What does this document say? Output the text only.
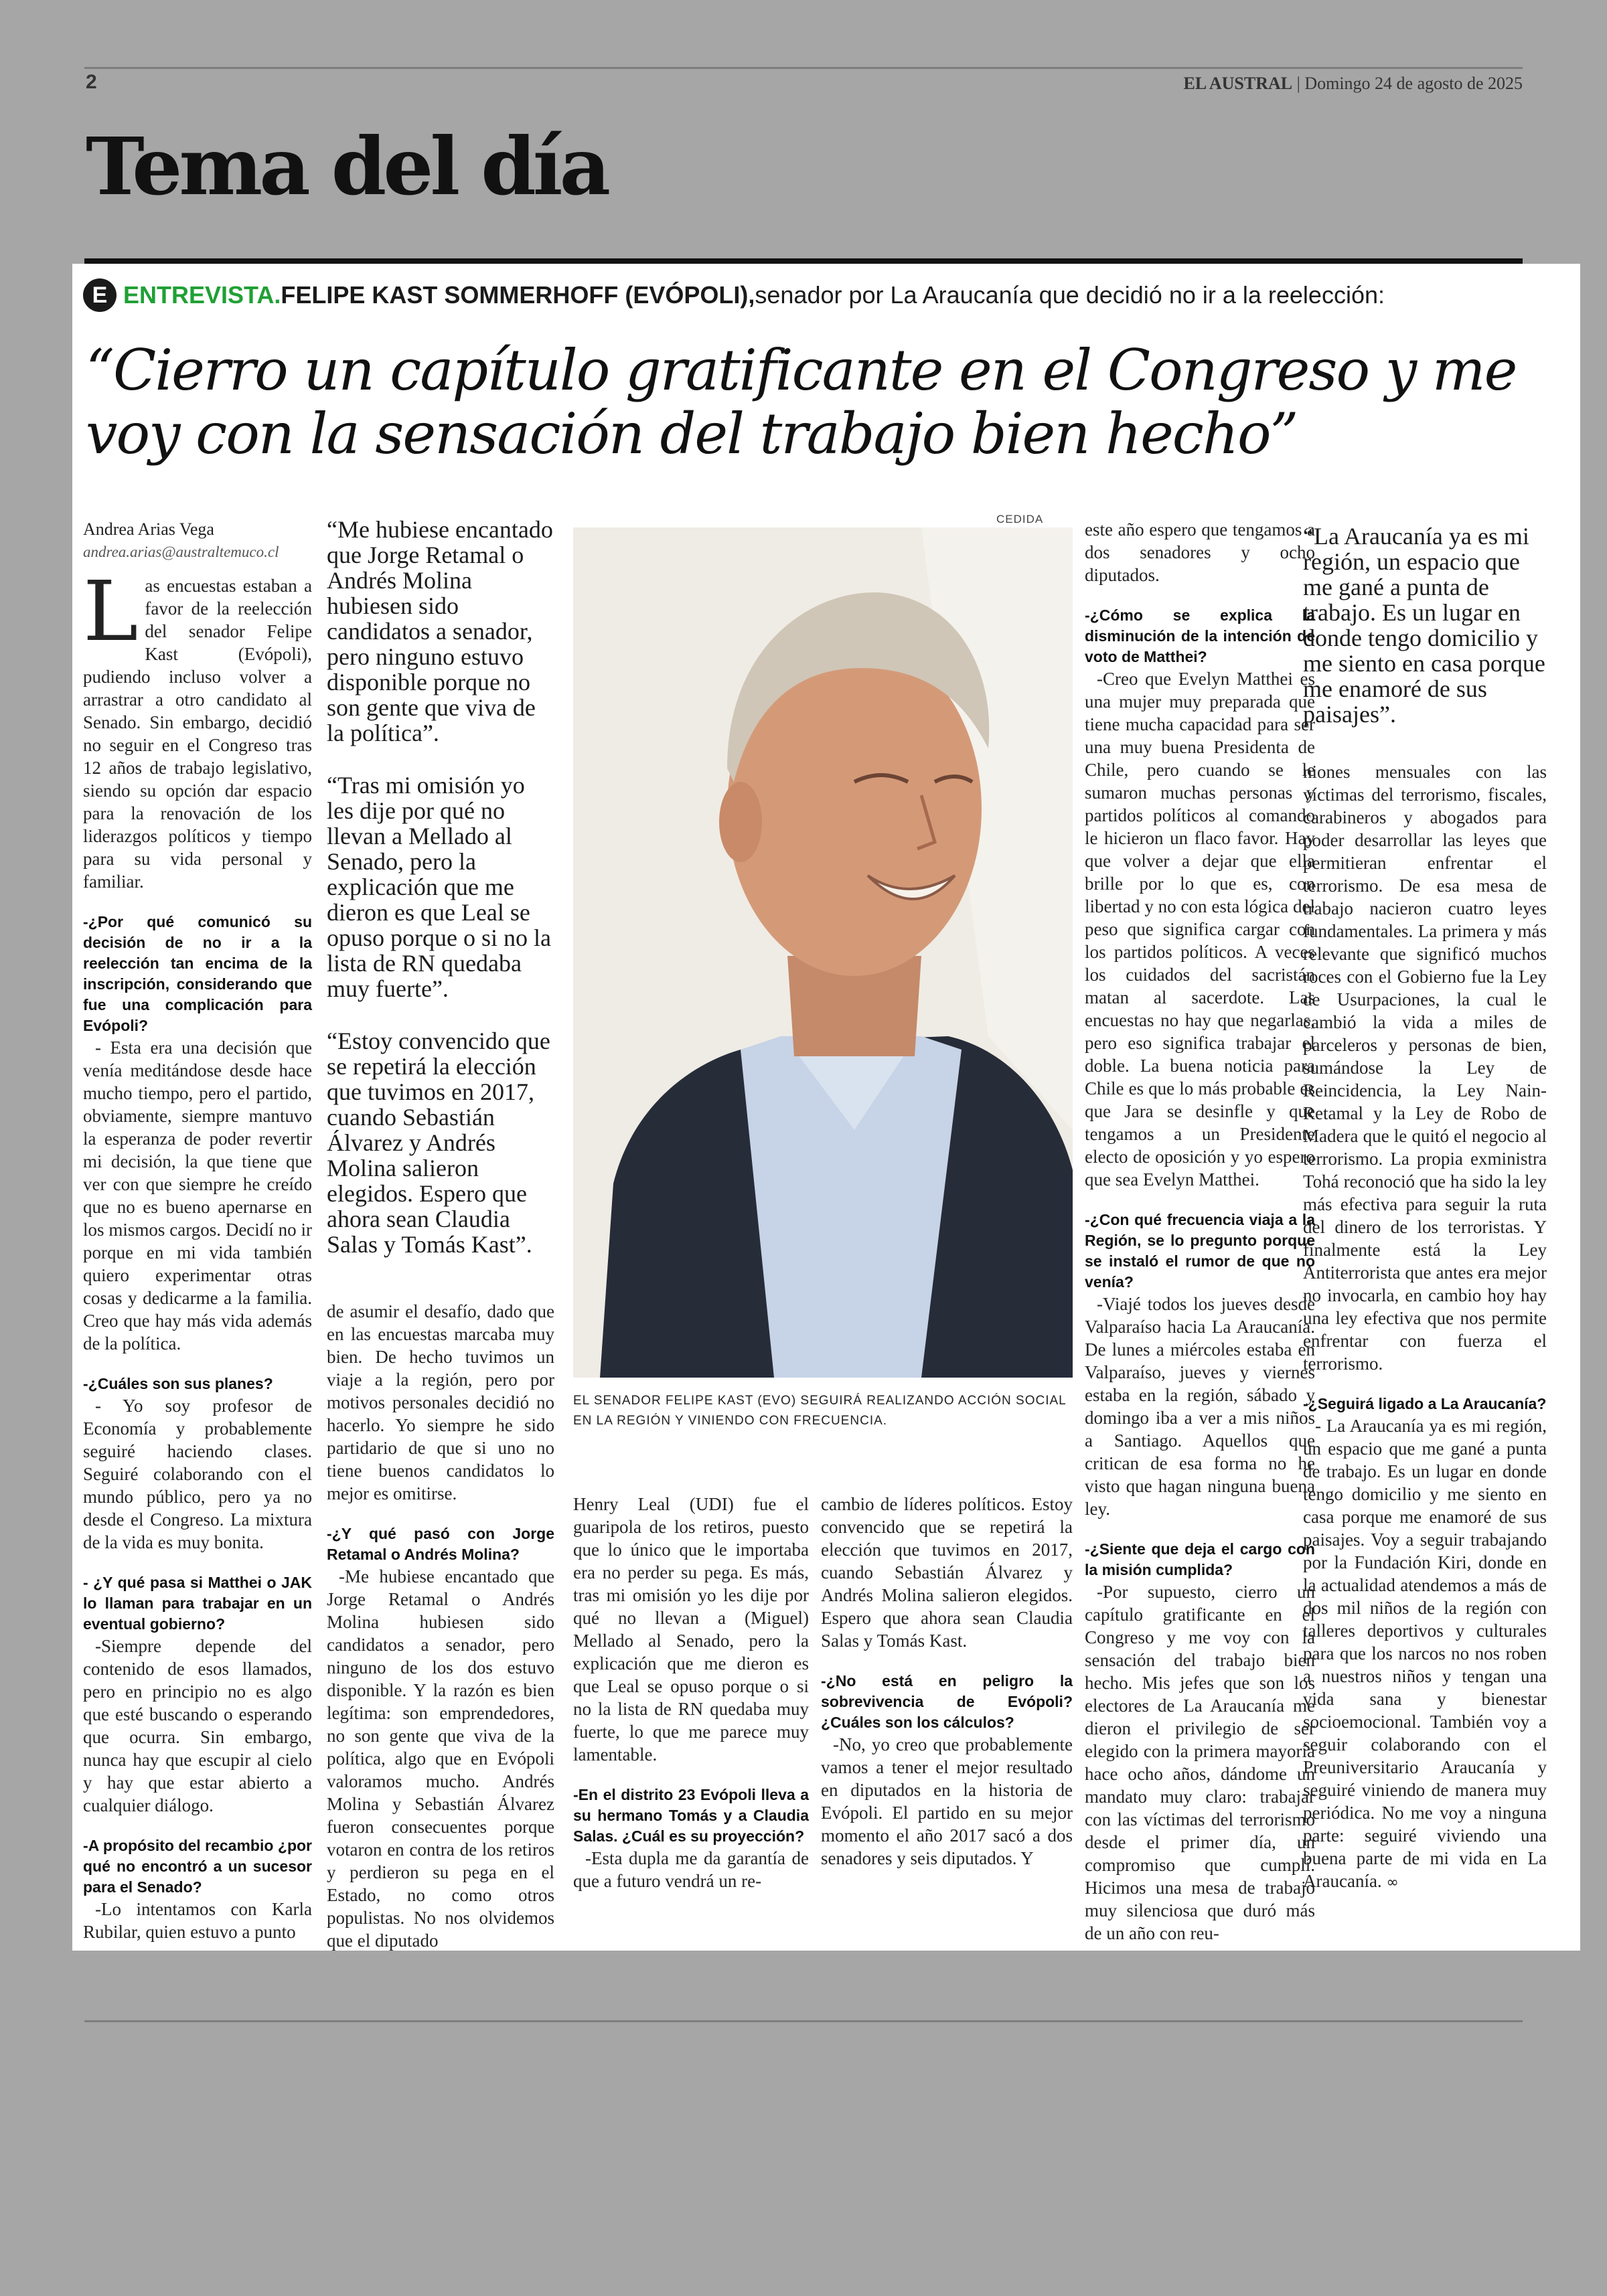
2	EL AUSTRAL | Domingo 24 de agosto de 2025
Tema del día
E ENTREVISTA. FELIPE KAST SOMMERHOFF (EVÓPOLI), senador por La Araucanía que decidió no ir a la reelección:
“Cierro un capítulo gratificante en el Congreso y me voy con la sensación del trabajo bien hecho”
Andrea Arias Vega
andrea.arias@australtemuco.cl

Las encuestas estaban a favor de la reelección del senador Felipe Kast (Evópoli), pudiendo incluso volver a arrastrar a otro candidato al Senado. Sin embargo, decidió no seguir en el Congreso tras 12 años de trabajo legislativo, siendo su opción dar espacio para la renovación de los liderazgos políticos y tiempo para su vida personal y familiar.

-¿Por qué comunicó su decisión de no ir a la reelección tan encima de la inscripción, considerando que fue una complicación para Evópoli?

- Esta era una decisión que venía meditándose desde hace mucho tiempo, pero el partido, obviamente, siempre mantuvo la esperanza de poder revertir mi decisión, la que tiene que ver con que siempre he creído que no es bueno apernarse en los mismos cargos. Decidí no ir porque en mi vida también quiero experimentar otras cosas y dedicarme a la familia. Creo que hay más vida además de la política.

-¿Cuáles son sus planes?

- Yo soy profesor de Economía y probablemente seguiré haciendo clases. Seguiré colaborando con el mundo público, pero ya no desde el Congreso. La mixtura de la vida es muy bonita.

- ¿Y qué pasa si Matthei o JAK lo llaman para trabajar en un eventual gobierno?

-Siempre depende del contenido de esos llamados, pero en principio no es algo que esté buscando o esperando que ocurra. Sin embargo, nunca hay que escupir al cielo y hay que estar abierto a cualquier diálogo.

-A propósito del recambio ¿por qué no encontró a un sucesor para el Senado?

-Lo intentamos con Karla Rubilar, quien estuvo a punto

“Me hubiese encantado que Jorge Retamal o Andrés Molina hubiesen sido candidatos a senador, pero ninguno estuvo disponible porque no son gente que viva de la política”.

“Tras mi omisión yo les dije por qué no llevan a Mellado al Senado, pero la explicación que me dieron es que Leal se opuso porque o si no la lista de RN quedaba muy fuerte”.

“Estoy convencido que se repetirá la elección que tuvimos en 2017, cuando Sebastián Álvarez y Andrés Molina salieron elegidos. Espero que ahora sean Claudia Salas y Tomás Kast”.

de asumir el desafío, dado que en las encuestas marcaba muy bien. De hecho tuvimos un viaje a la región, pero por motivos personales decidió no hacerlo. Yo siempre he sido partidario de que si uno no tiene buenos candidatos lo mejor es omitirse.

-¿Y qué pasó con Jorge Retamal o Andrés Molina?

-Me hubiese encantado que Jorge Retamal o Andrés Molina hubiesen sido candidatos a senador, pero ninguno de los dos estuvo disponible. Y la razón es bien legítima: son emprendedores, no son gente que viva de la política, algo que en Evópoli valoramos mucho. Andrés Molina y Sebastián Álvarez fueron consecuentes porque votaron en contra de los retiros y perdieron su pega en el Estado, no como otros populistas. No nos olvidemos que el diputado

CEDIDA
EL SENADOR FELIPE KAST (EVO) SEGUIRÁ REALIZANDO ACCIÓN SOCIAL EN LA REGIÓN Y VINIENDO CON FRECUENCIA.

Henry Leal (UDI) fue el guaripola de los retiros, puesto que lo único que le importaba era no perder su pega. Es más, tras mi omisión yo les dije por qué no llevan a (Miguel) Mellado al Senado, pero la explicación que me dieron es que Leal se opuso porque o si no la lista de RN quedaba muy fuerte, lo que me parece muy lamentable.

-En el distrito 23 Evópoli lleva a su hermano Tomás y a Claudia Salas. ¿Cuál es su proyección?

-Esta dupla me da garantía de que a futuro vendrá un re-

cambio de líderes políticos. Estoy convencido que se repetirá la elección que tuvimos en 2017, cuando Sebastián Álvarez y Andrés Molina salieron elegidos. Espero que ahora sean Claudia Salas y Tomás Kast.

-¿No está en peligro la sobrevivencia de Evópoli? ¿Cuáles son los cálculos?

-No, yo creo que probablemente vamos a tener el mejor resultado en diputados en la historia de Evópoli. El partido en su mejor momento el año 2017 sacó a dos senadores y seis diputados. Y

este año espero que tengamos a dos senadores y ocho diputados.

-¿Cómo se explica la disminución de la intención de voto de Matthei?

-Creo que Evelyn Matthei es una mujer muy preparada que tiene mucha capacidad para ser una muy buena Presidenta de Chile, pero cuando se le sumaron muchas personas y partidos políticos al comando le hicieron un flaco favor. Hay que volver a dejar que ella brille por lo que es, con libertad y no con esta lógica del peso que significa cargar con los partidos políticos. A veces los cuidados del sacristán matan al sacerdote. Las encuestas no hay que negarlas, pero eso significa trabajar el doble. La buena noticia para Chile es que lo más probable es que Jara se desinfle y que tengamos a un Presidente electo de oposición y yo espero que sea Evelyn Matthei.

-¿Con qué frecuencia viaja a la Región, se lo pregunto porque se instaló el rumor de que no venía?

-Viajé todos los jueves desde Valparaíso hacia La Araucanía. De lunes a miércoles estaba en Valparaíso, jueves y viernes estaba en la región, sábado y domingo iba a ver a mis niños a Santiago. Aquellos que critican de esa forma no he visto que hagan ninguna buena ley.

-¿Siente que deja el cargo con la misión cumplida?

-Por supuesto, cierro un capítulo gratificante en el Congreso y me voy con la sensación del trabajo bien hecho. Mis jefes que son los electores de La Araucanía me dieron el privilegio de ser elegido con la primera mayoría hace ocho años, dándome un mandato muy claro: trabajar con las víctimas del terrorismo desde el primer día, un compromiso que cumplí. Hicimos una mesa de trabajo muy silenciosa que duró más de un año con reu-

“La Araucanía ya es mi región, un espacio que me gané a punta de trabajo. Es un lugar en donde tengo domicilio y me siento en casa porque me enamoré de sus paisajes”.

niones mensuales con las víctimas del terrorismo, fiscales, carabineros y abogados para poder desarrollar las leyes que permitieran enfrentar el terrorismo. De esa mesa de trabajo nacieron cuatro leyes fundamentales. La primera y más relevante que significó muchos roces con el Gobierno fue la Ley de Usurpaciones, la cual le cambió la vida a miles de parceleros y personas de bien, sumándose la Ley de Reincidencia, la Ley Nain-Retamal y la Ley de Robo de Madera que le quitó el negocio al terrorismo. La propia exministra Tohá reconoció que ha sido la ley más efectiva para seguir la ruta del dinero de los terroristas. Y finalmente está la Ley Antiterrorista que antes era mejor no invocarla, en cambio hoy hay una ley efectiva que nos permite enfrentar con fuerza el terrorismo.

-¿Seguirá ligado a La Araucanía?

- La Araucanía ya es mi región, un espacio que me gané a punta de trabajo. Es un lugar en donde tengo domicilio y me siento en casa porque me enamoré de sus paisajes. Voy a seguir trabajando por la Fundación Kiri, donde en la actualidad atendemos a más de dos mil niños de la región con talleres deportivos y culturales para que los narcos no nos roben a nuestros niños y tengan una vida sana y bienestar socioemocional. También voy a seguir colaborando con el Preuniversitario Araucanía y seguiré viniendo de manera muy periódica. No me voy a ninguna parte: seguiré viviendo una buena parte de mi vida en La Araucanía. ∞
